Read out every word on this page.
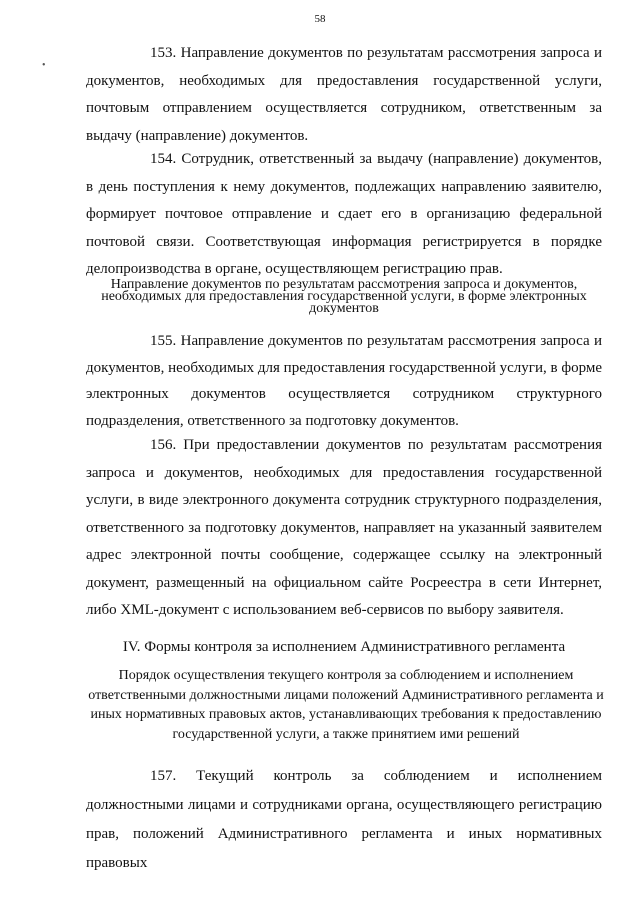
58
•

153. Направление документов по результатам рассмотрения запроса и документов, необходимых для предоставления государственной услуги, почтовым отправлением осуществляется сотрудником, ответственным за выдачу (направление) документов.

154. Сотрудник, ответственный за выдачу (направление) документов, в день поступления к нему документов, подлежащих направлению заявителю, формирует почтовое отправление и сдает его в организацию федеральной почтовой связи. Соответствующая информация регистрируется в порядке делопроизводства в органе, осуществляющем регистрацию прав.

Направление документов по результатам рассмотрения запроса и документов, необходимых для предоставления государственной услуги, в форме электронных документов

155. Направление документов по результатам рассмотрения запроса и документов, необходимых для предоставления государственной услуги, в форме электронных документов осуществляется сотрудником структурного подразделения, ответственного за подготовку документов.

156. При предоставлении документов по результатам рассмотрения запроса и документов, необходимых для предоставления государственной услуги, в виде электронного документа сотрудник структурного подразделения, ответственного за подготовку документов, направляет на указанный заявителем адрес электронной почты сообщение, содержащее ссылку на электронный документ, размещенный на официальном сайте Росреестра в сети Интернет, либо XML-документ с использованием веб-сервисов по выбору заявителя.

IV. Формы контроля за исполнением Административного регламента

Порядок осуществления текущего контроля за соблюдением и исполнением ответственными должностными лицами положений Административного регламента и иных нормативных правовых актов, устанавливающих требования к предоставлению государственной услуги, а также принятием ими решений

157. Текущий контроль за соблюдением и исполнением должностными лицами и сотрудниками органа, осуществляющего регистрацию прав, положений Административного регламента и иных нормативных правовых
